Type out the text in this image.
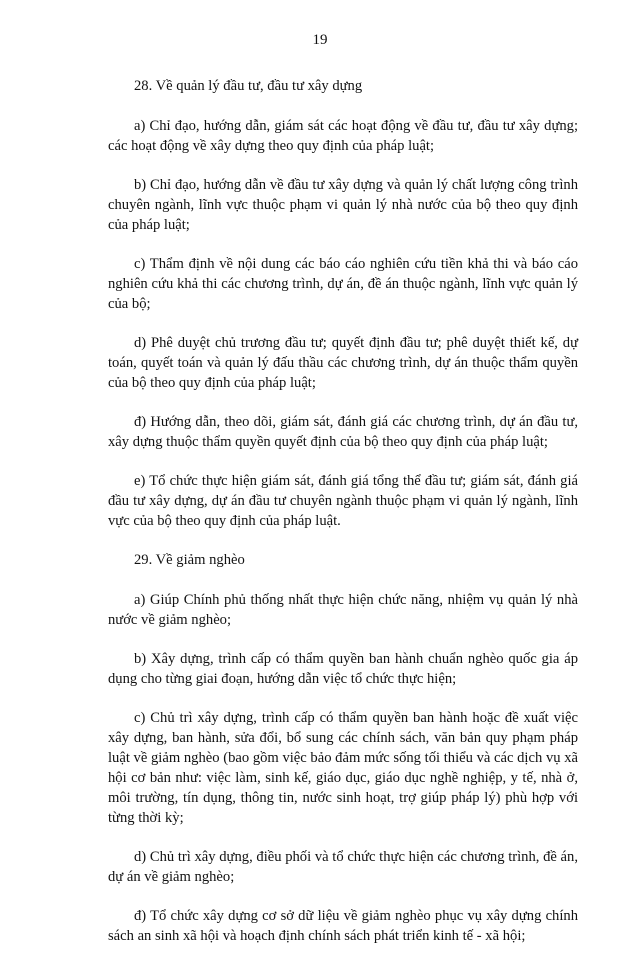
19

28. Về quản lý đầu tư, đầu tư xây dựng

a) Chỉ đạo, hướng dẫn, giám sát các hoạt động về đầu tư, đầu tư xây dựng; các hoạt động về xây dựng theo quy định của pháp luật;

b) Chỉ đạo, hướng dẫn về đầu tư xây dựng và quản lý chất lượng công trình chuyên ngành, lĩnh vực thuộc phạm vi quản lý nhà nước của bộ theo quy định của pháp luật;

c) Thẩm định về nội dung các báo cáo nghiên cứu tiền khả thi và báo cáo nghiên cứu khả thi các chương trình, dự án, đề án thuộc ngành, lĩnh vực quản lý của bộ;

d) Phê duyệt chủ trương đầu tư; quyết định đầu tư; phê duyệt thiết kế, dự toán, quyết toán và quản lý đấu thầu các chương trình, dự án thuộc thẩm quyền của bộ theo quy định của pháp luật;

đ) Hướng dẫn, theo dõi, giám sát, đánh giá các chương trình, dự án đầu tư, xây dựng thuộc thẩm quyền quyết định của bộ theo quy định của pháp luật;

e) Tổ chức thực hiện giám sát, đánh giá tổng thể đầu tư; giám sát, đánh giá đầu tư xây dựng, dự án đầu tư chuyên ngành thuộc phạm vi quản lý ngành, lĩnh vực của bộ theo quy định của pháp luật.

29. Về giảm nghèo

a) Giúp Chính phủ thống nhất thực hiện chức năng, nhiệm vụ quản lý nhà nước về giảm nghèo;

b) Xây dựng, trình cấp có thẩm quyền ban hành chuẩn nghèo quốc gia áp dụng cho từng giai đoạn, hướng dẫn việc tổ chức thực hiện;

c) Chủ trì xây dựng, trình cấp có thẩm quyền ban hành hoặc đề xuất việc xây dựng, ban hành, sửa đổi, bổ sung các chính sách, văn bản quy phạm pháp luật về giảm nghèo (bao gồm việc bảo đảm mức sống tối thiểu và các dịch vụ xã hội cơ bản như: việc làm, sinh kế, giáo dục, giáo dục nghề nghiệp, y tế, nhà ở, môi trường, tín dụng, thông tin, nước sinh hoạt, trợ giúp pháp lý) phù hợp với từng thời kỳ;

d) Chủ trì xây dựng, điều phối và tổ chức thực hiện các chương trình, đề án, dự án về giảm nghèo;

đ) Tổ chức xây dựng cơ sở dữ liệu về giảm nghèo phục vụ xây dựng chính sách an sinh xã hội và hoạch định chính sách phát triển kinh tế - xã hội;
